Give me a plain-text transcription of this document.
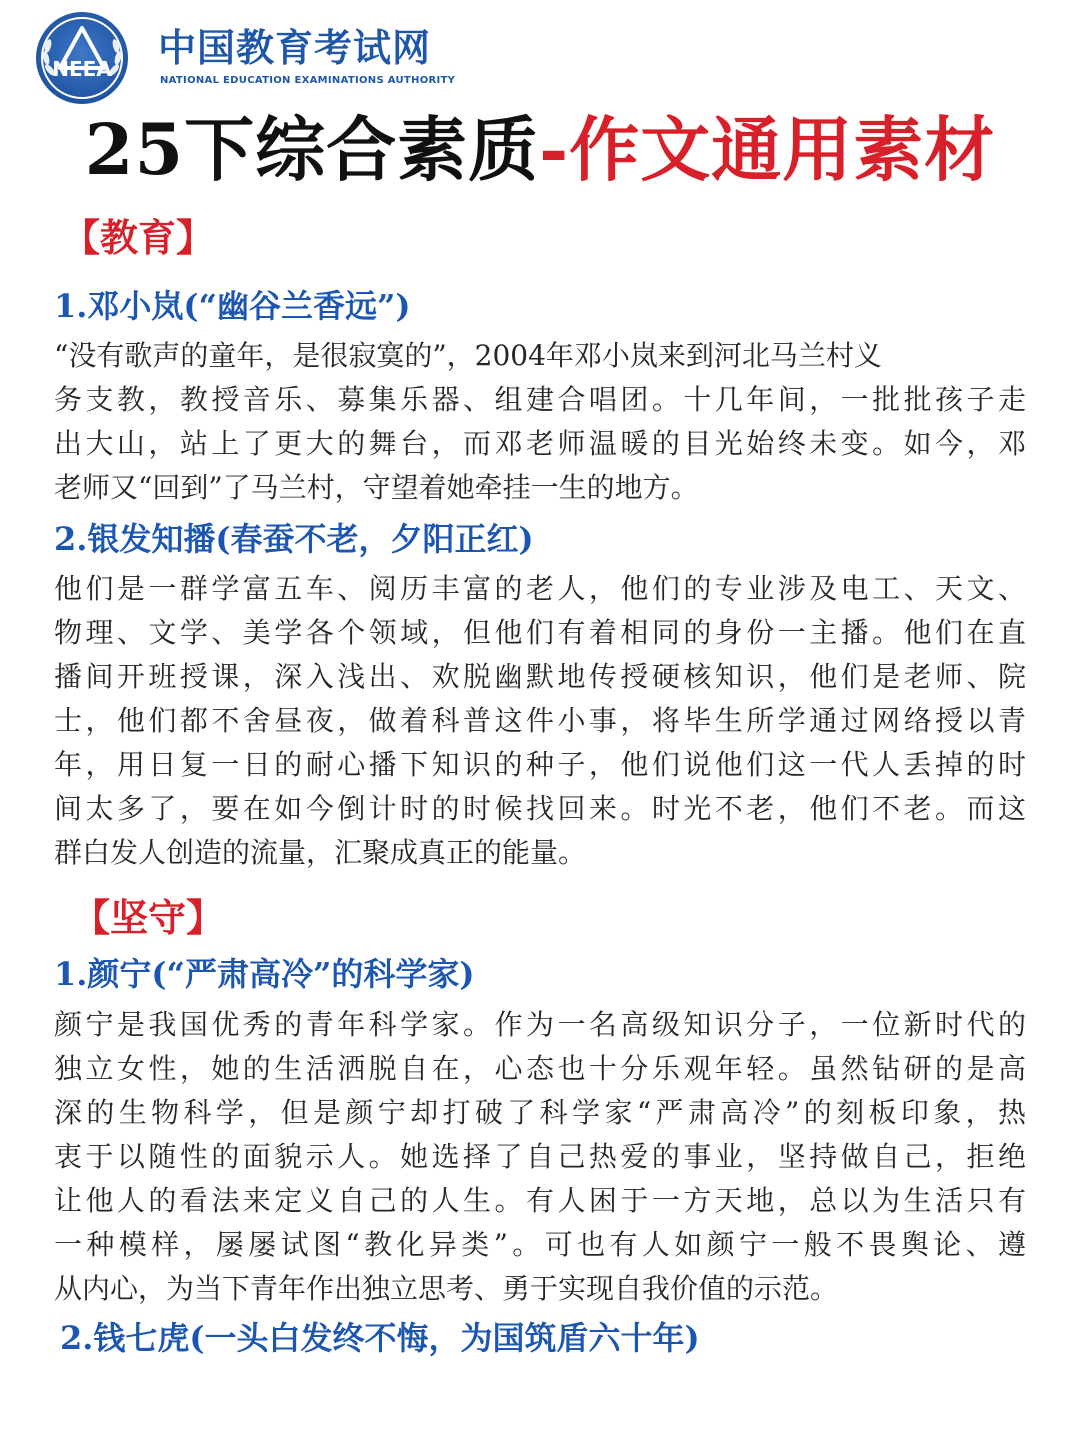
NEEA 中国教育考试网
NATIONAL EDUCATION EXAMINATIONS AUTHORITY
25下综合素质-作文通用素材
【教育】
1.邓小岚(“幽谷兰香远”)
“没有歌声的童年，是很寂寞的”，2004年邓小岚来到河北马兰村义
务支教，教授音乐、募集乐器、组建合唱团。十几年间，一批批孩子走
出大山，站上了更大的舞台，而邓老师温暖的目光始终未变。如今，邓
老师又“回到”了马兰村，守望着她牵挂一生的地方。
2.银发知播(春蚕不老，夕阳正红)
他们是一群学富五车、阅历丰富的老人，他们的专业涉及电工、天文、
物理、文学、美学各个领域，但他们有着相同的身份一主播。他们在直
播间开班授课，深入浅出、欢脱幽默地传授硬核知识，他们是老师、院
士，他们都不舍昼夜，做着科普这件小事，将毕生所学通过网络授以青
年，用日复一日的耐心播下知识的种子，他们说他们这一代人丢掉的时
间太多了，要在如今倒计时的时候找回来。时光不老，他们不老。而这
群白发人创造的流量，汇聚成真正的能量。
【坚守】
1.颜宁(“严肃高冷”的科学家)
颜宁是我国优秀的青年科学家。作为一名高级知识分子，一位新时代的
独立女性，她的生活洒脱自在，心态也十分乐观年轻。虽然钻研的是高
深的生物科学，但是颜宁却打破了科学家“严肃高冷”的刻板印象，热
衷于以随性的面貌示人。她选择了自己热爱的事业，坚持做自己，拒绝
让他人的看法来定义自己的人生。有人困于一方天地，总以为生活只有
一种模样，屡屡试图“教化异类”。可也有人如颜宁一般不畏舆论、遵
从内心，为当下青年作出独立思考、勇于实现自我价值的示范。
2.钱七虎(一头白发终不悔，为国筑盾六十年)
